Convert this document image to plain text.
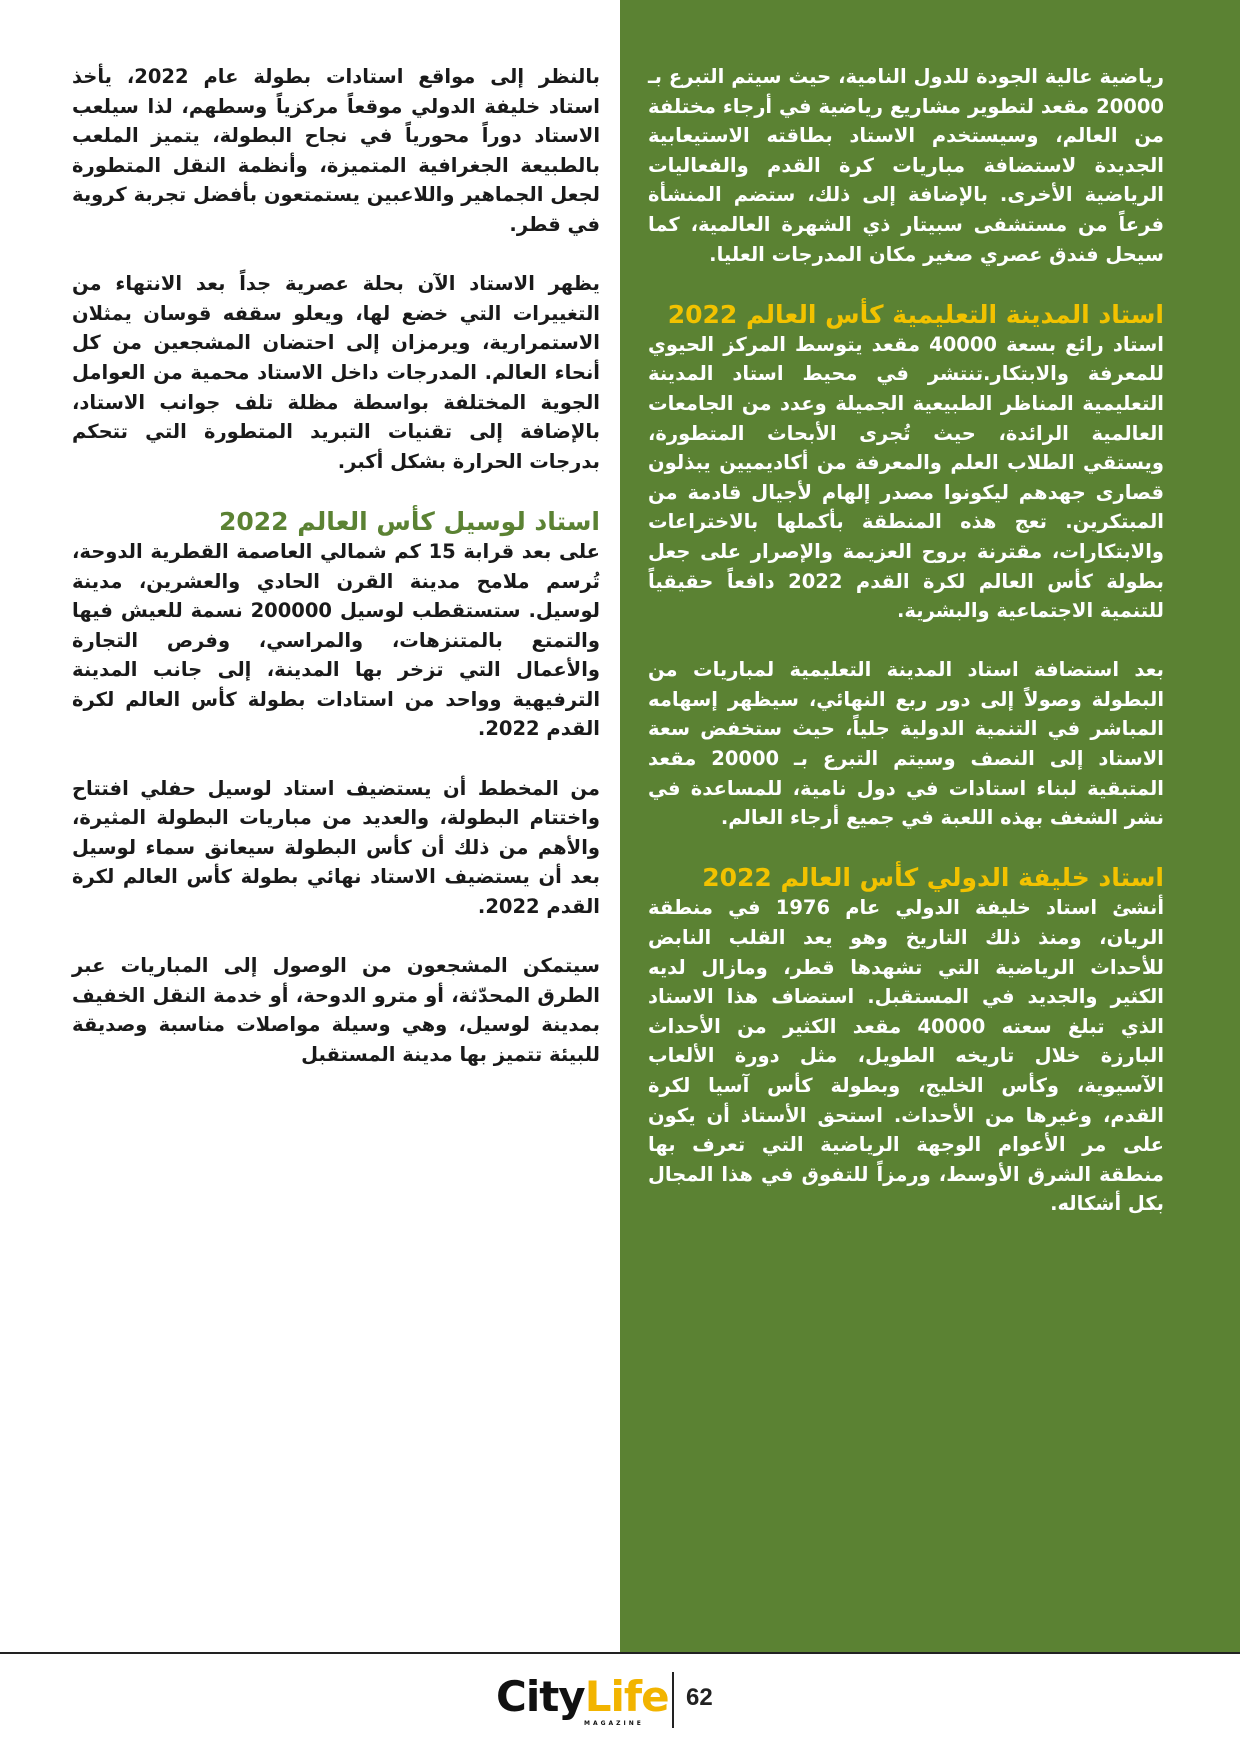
رياضية عالية الجودة للدول النامية، حيث سيتم التبرع بـ 20000 مقعد لتطوير مشاريع رياضية في أرجاء مختلفة من العالم، وسيستخدم الاستاد بطاقته الاستيعابية الجديدة لاستضافة مباريات كرة القدم والفعاليات الرياضية الأخرى. بالإضافة إلى ذلك، ستضم المنشأة فرعاً من مستشفى سبيتار ذي الشهرة العالمية، كما سيحل فندق عصري صغير مكان المدرجات العليا.

استاد المدينة التعليمية كأس العالم 2022

استاد رائع بسعة 40000 مقعد يتوسط المركز الحيوي للمعرفة والابتكار.تنتشر في محيط استاد المدينة التعليمية المناظر الطبيعية الجميلة وعدد من الجامعات العالمية الرائدة، حيث تُجرى الأبحاث المتطورة، ويستقي الطلاب العلم والمعرفة من أكاديميين يبذلون قصارى جهدهم ليكونوا مصدر إلهام لأجيال قادمة من المبتكرين. تعج هذه المنطقة بأكملها بالاختراعات والابتكارات، مقترنة بروح العزيمة والإصرار على جعل بطولة كأس العالم لكرة القدم 2022 دافعاً حقيقياً للتنمية الاجتماعية والبشرية.

بعد استضافة استاد المدينة التعليمية لمباريات من البطولة وصولاً إلى دور ربع النهائي، سيظهر إسهامه المباشر في التنمية الدولية جلياً، حيث ستخفض سعة الاستاد إلى النصف وسيتم التبرع بـ 20000 مقعد المتبقية لبناء استادات في دول نامية، للمساعدة في نشر الشغف بهذه اللعبة في جميع أرجاء العالم.

استاد خليفة الدولي كأس العالم 2022

أنشئ استاد خليفة الدولي عام 1976 في منطقة الريان، ومنذ ذلك التاريخ وهو يعد القلب النابض للأحداث الرياضية التي تشهدها قطر، ومازال لديه الكثير والجديد في المستقبل. استضاف هذا الاستاد الذي تبلغ سعته 40000 مقعد الكثير من الأحداث البارزة خلال تاريخه الطويل، مثل دورة الألعاب الآسيوية، وكأس الخليج، وبطولة كأس آسيا لكرة القدم، وغيرها من الأحداث. استحق الأستاذ أن يكون على مر الأعوام الوجهة الرياضية التي تعرف بها منطقة الشرق الأوسط، ورمزاً للتفوق في هذا المجال بكل أشكاله.

بالنظر إلى مواقع استادات بطولة عام 2022، يأخذ استاد خليفة الدولي موقعاً مركزياً وسطهم، لذا سيلعب الاستاد دوراً محورياً في نجاح البطولة، يتميز الملعب بالطبيعة الجغرافية المتميزة، وأنظمة النقل المتطورة لجعل الجماهير واللاعبين يستمتعون بأفضل تجربة كروية في قطر.

يظهر الاستاد الآن بحلة عصرية جداً بعد الانتهاء من التغييرات التي خضع لها، ويعلو سقفه قوسان يمثلان الاستمرارية، ويرمزان إلى احتضان المشجعين من كل أنحاء العالم. المدرجات داخل الاستاد محمية من العوامل الجوية المختلفة بواسطة مظلة تلف جوانب الاستاد، بالإضافة إلى تقنيات التبريد المتطورة التي تتحكم بدرجات الحرارة بشكل أكبر.

استاد لوسيل كأس العالم 2022

على بعد قرابة 15 كم شمالي العاصمة القطرية الدوحة، تُرسم ملامح مدينة القرن الحادي والعشرين، مدينة لوسيل. ستستقطب لوسيل 200000 نسمة للعيش فيها والتمتع بالمتنزهات، والمراسي، وفرص التجارة والأعمال التي تزخر بها المدينة، إلى جانب المدينة الترفيهية وواحد من استادات بطولة كأس العالم لكرة القدم 2022.

من المخطط أن يستضيف استاد لوسيل حفلي افتتاح واختتام البطولة، والعديد من مباريات البطولة المثيرة، والأهم من ذلك أن كأس البطولة سيعانق سماء لوسيل بعد أن يستضيف الاستاد نهائي بطولة كأس العالم لكرة القدم 2022.

سيتمكن المشجعون من الوصول إلى المباريات عبر الطرق المحدّثة، أو مترو الدوحة، أو خدمة النقل الخفيف بمدينة لوسيل، وهي وسيلة مواصلات مناسبة وصديقة للبيئة تتميز بها مدينة المستقبل

CityLife
MAGAZINE
62
